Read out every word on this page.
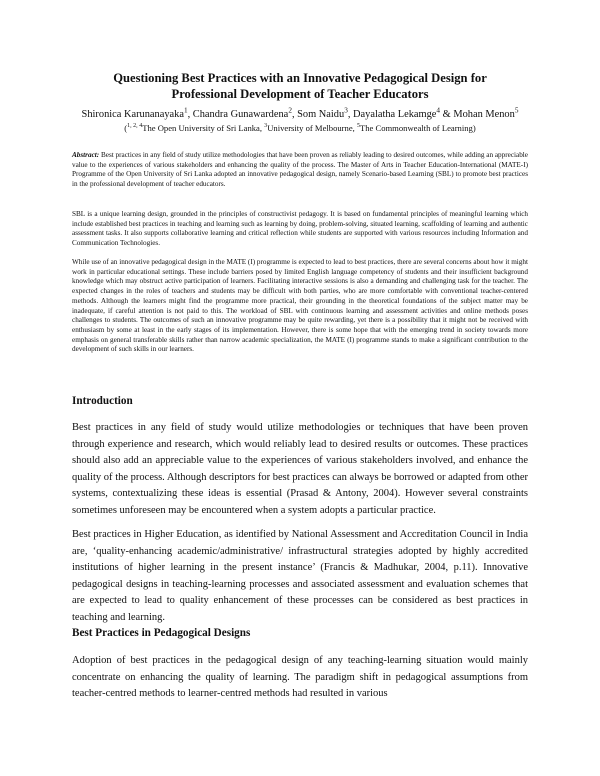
Questioning Best Practices with an Innovative Pedagogical Design for
Professional Development of Teacher Educators
Shironica Karunanayaka$^1$, Chandra Gunawardena$^2$, Som Naidu$^3$, Dayalatha Lekamge$^4$ & Mohan Menon$^5$
($^{1, 2, 4}$The Open University of Sri Lanka, $^3$University of Melbourne, $^5$The Commonwealth of Learning)
Abstract: Best practices in any field of study utilize methodologies that have been proven as reliably leading to desired outcomes, while adding an appreciable value to the experiences of various stakeholders and enhancing the quality of the process. The Master of Arts in Teacher Education-International (MATE-I) Programme of the Open University of Sri Lanka adopted an innovative pedagogical design, namely Scenario-based Learning (SBL) to promote best practices in the professional development of teacher educators.
SBL is a unique learning design, grounded in the principles of constructivist pedagogy. It is based on fundamental principles of meaningful learning which include established best practices in teaching and learning such as learning by doing, problem-solving, situated learning, scaffolding of learning and authentic assessment tasks. It also supports collaborative learning and critical reflection while students are supported with various resources including Information and Communication Technologies.
While use of an innovative pedagogical design in the MATE (I) programme is expected to lead to best practices, there are several concerns about how it might work in particular educational settings. These include barriers posed by limited English language competency of students and their insufficient background knowledge which may obstruct active participation of learners. Facilitating interactive sessions is also a demanding and challenging task for the teacher. The expected changes in the roles of teachers and students may be difficult with both parties, who are more comfortable with conventional teacher-centered methods. Although the learners might find the programme more practical, their grounding in the theoretical foundations of the subject matter may be inadequate, if careful attention is not paid to this. The workload of SBL with continuous learning and assessment activities and online methods poses challenges to students. The outcomes of such an innovative programme may be quite rewarding, yet there is a possibility that it might not be received with enthusiasm by some at least in the early stages of its implementation. However, there is some hope that with the emerging trend in society towards more emphasis on general transferable skills rather than narrow academic specialization, the MATE (I) programme stands to make a significant contribution to the development of such skills in our learners.
Introduction
Best practices in any field of study would utilize methodologies or techniques that have been proven through experience and research, which would reliably lead to desired results or outcomes. These practices should also add an appreciable value to the experiences of various stakeholders involved, and enhance the quality of the process. Although descriptors for best practices can always be borrowed or adapted from other systems, contextualizing these ideas is essential (Prasad & Antony, 2004). However several constraints sometimes unforeseen may be encountered when a system adopts a particular practice.
Best practices in Higher Education, as identified by National Assessment and Accreditation Council in India are, ‘quality-enhancing academic/administrative/ infrastructural strategies adopted by highly accredited institutions of higher learning in the present instance’ (Francis & Madhukar, 2004, p.11). Innovative pedagogical designs in teaching-learning processes and associated assessment and evaluation schemes that are expected to lead to quality enhancement of these processes can be considered as best practices in teaching and learning.
Best Practices in Pedagogical Designs
Adoption of best practices in the pedagogical design of any teaching-learning situation would mainly concentrate on enhancing the quality of learning. The paradigm shift in pedagogical assumptions from teacher-centred methods to learner-centred methods had resulted in various
